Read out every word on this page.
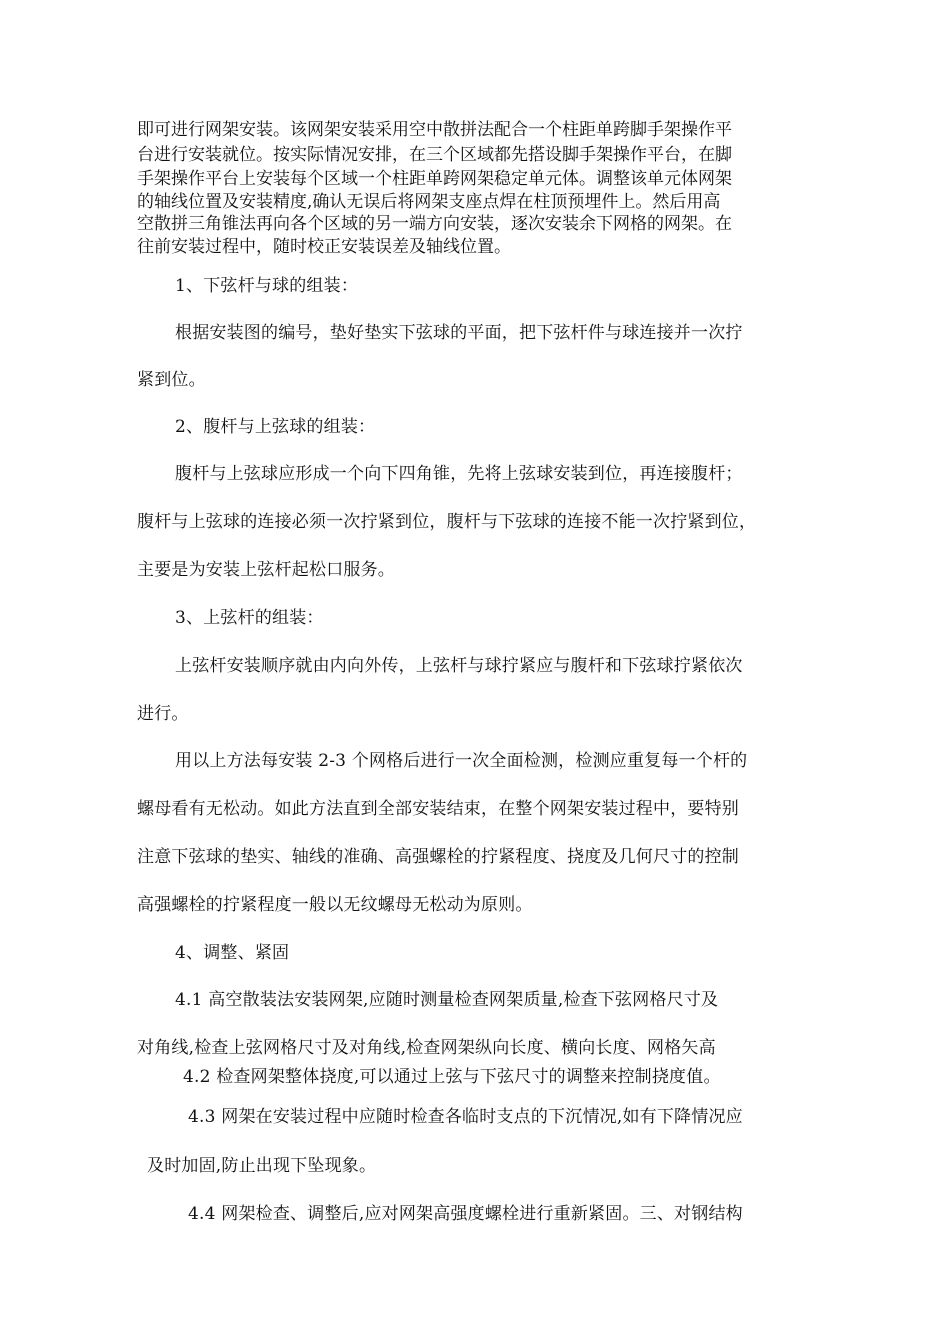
即可进行网架安装。该网架安装采用空中散拼法配合一个柱距单跨脚手架操作平
台进行安装就位。按实际情况安排，在三个区域都先搭设脚手架操作平台，在脚
手架操作平台上安装每个区域一个柱距单跨网架稳定单元体。调整该单元体网架
的轴线位置及安装精度,确认无误后将网架支座点焊在柱顶预埋件上。然后用高
空散拼三角锥法再向各个区域的另一端方向安装，逐次安装余下网格的网架。在
往前安装过程中，随时校正安装误差及轴线位置。
1、下弦杆与球的组装：
根据安装图的编号，垫好垫实下弦球的平面，把下弦杆件与球连接并一次拧
紧到位。
2、腹杆与上弦球的组装：
腹杆与上弦球应形成一个向下四角锥，先将上弦球安装到位，再连接腹杆；
腹杆与上弦球的连接必须一次拧紧到位，腹杆与下弦球的连接不能一次拧紧到位，
主要是为安装上弦杆起松口服务。
3、上弦杆的组装：
上弦杆安装顺序就由内向外传，上弦杆与球拧紧应与腹杆和下弦球拧紧依次
进行。
用以上方法每安装 2-3 个网格后进行一次全面检测，检测应重复每一个杆的
螺母看有无松动。如此方法直到全部安装结束，在整个网架安装过程中，要特别
注意下弦球的垫实、轴线的准确、高强螺栓的拧紧程度、挠度及几何尺寸的控制
高强螺栓的拧紧程度一般以无纹螺母无松动为原则。
4、调整、紧固
4.1 高空散装法安装网架,应随时测量检查网架质量,检查下弦网格尺寸及
对角线,检查上弦网格尺寸及对角线,检查网架纵向长度、横向长度、网格矢高
4.2 检查网架整体挠度,可以通过上弦与下弦尺寸的调整来控制挠度值。
4.3 网架在安装过程中应随时检查各临时支点的下沉情况,如有下降情况应
及时加固,防止出现下坠现象。
4.4 网架检查、调整后,应对网架高强度螺栓进行重新紧固。三、对钢结构
